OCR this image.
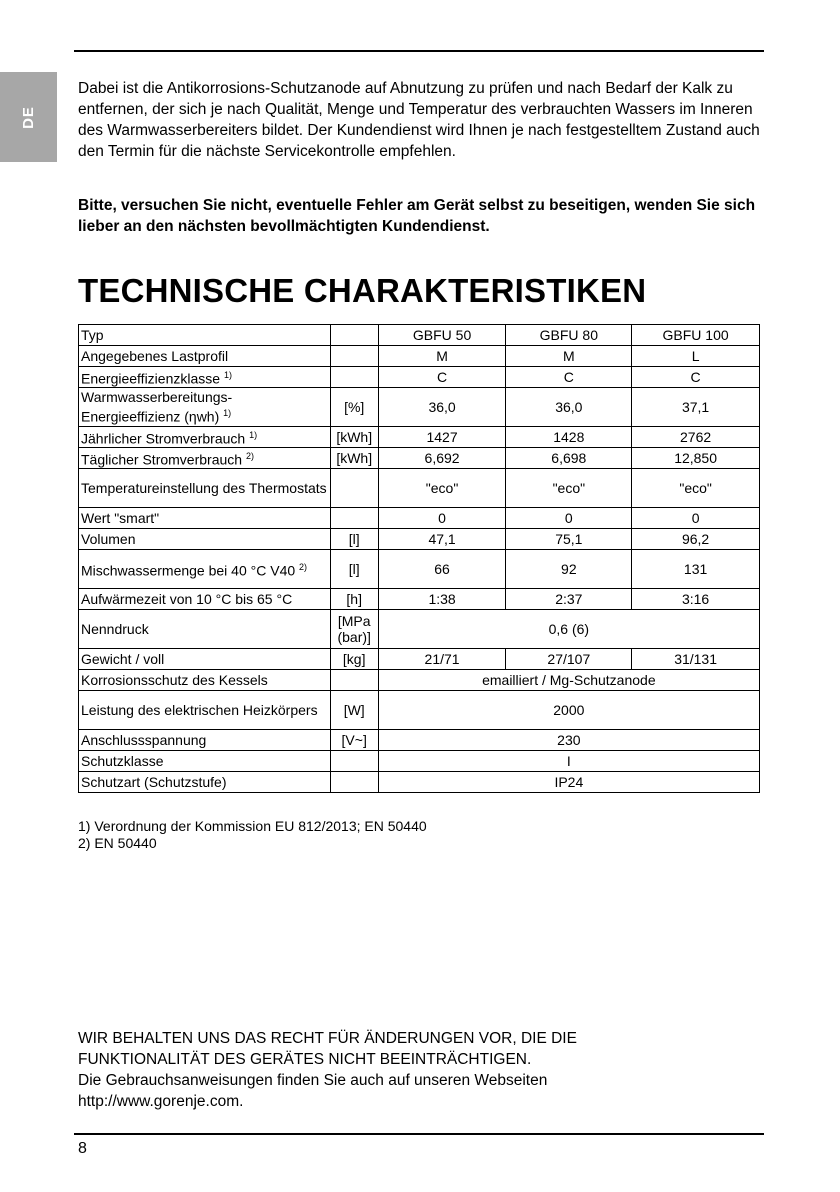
DE

Dabei ist die Antikorrosions-Schutzanode auf Abnutzung zu prüfen und nach Bedarf der Kalk zu entfernen, der sich je nach Qualität, Menge und Temperatur des verbrauchten Wassers im Inneren des Warmwasserbereiters bildet. Der Kundendienst wird Ihnen je nach festgestelltem Zustand auch den Termin für die nächste Servicekontrolle empfehlen.

Bitte, versuchen Sie nicht, eventuelle Fehler am Gerät selbst zu beseitigen, wenden Sie sich lieber an den nächsten bevollmächtigten Kundendienst.

TECHNISCHE CHARAKTERISTIKEN
Typ		GBFU 50	GBFU 80	GBFU 100
Angegebenes Lastprofil		M	M	L
Energieeffizienzklasse $^{1)}$		C	C	C
Warmwasserbereitungs-Energieeffizienz (ηwh) $^{1)}$	[%]	36,0	36,0	37,1
Jährlicher Stromverbrauch $^{1)}$	[kWh]	1427	1428	2762
Täglicher Stromverbrauch $^{2)}$	[kWh]	6,692	6,698	12,850
Temperatureinstellung des Thermostats		"eco"	"eco"	"eco"
Wert "smart"		0	0	0
Volumen	[l]	47,1	75,1	96,2
Mischwassermenge bei 40 °C V40 $^{2)}$	[l]	66	92	131
Aufwärmezeit von 10 °C bis 65 °C	[h]	1:38	2:37	3:16
Nenndruck	[MPa (bar)]	0,6 (6)		
Gewicht / voll	[kg]	21/71	27/107	31/131
Korrosionsschutz des Kessels		emailliert / Mg-Schutzanode		
Leistung des elektrischen Heizkörpers	[W]	2000		
Anschlussspannung	[V~]	230		
Schutzklasse		I		
Schutzart (Schutzstufe)		IP24		
1) Verordnung der Kommission EU 812/2013; EN 50440
2) EN 50440
WIR BEHALTEN UNS DAS RECHT FÜR ÄNDERUNGEN VOR, DIE DIE FUNKTIONALITÄT DES GERÄTES NICHT BEEINTRÄCHTIGEN.
Die Gebrauchsanweisungen finden Sie auch auf unseren Webseiten http://www.gorenje.com.
8
